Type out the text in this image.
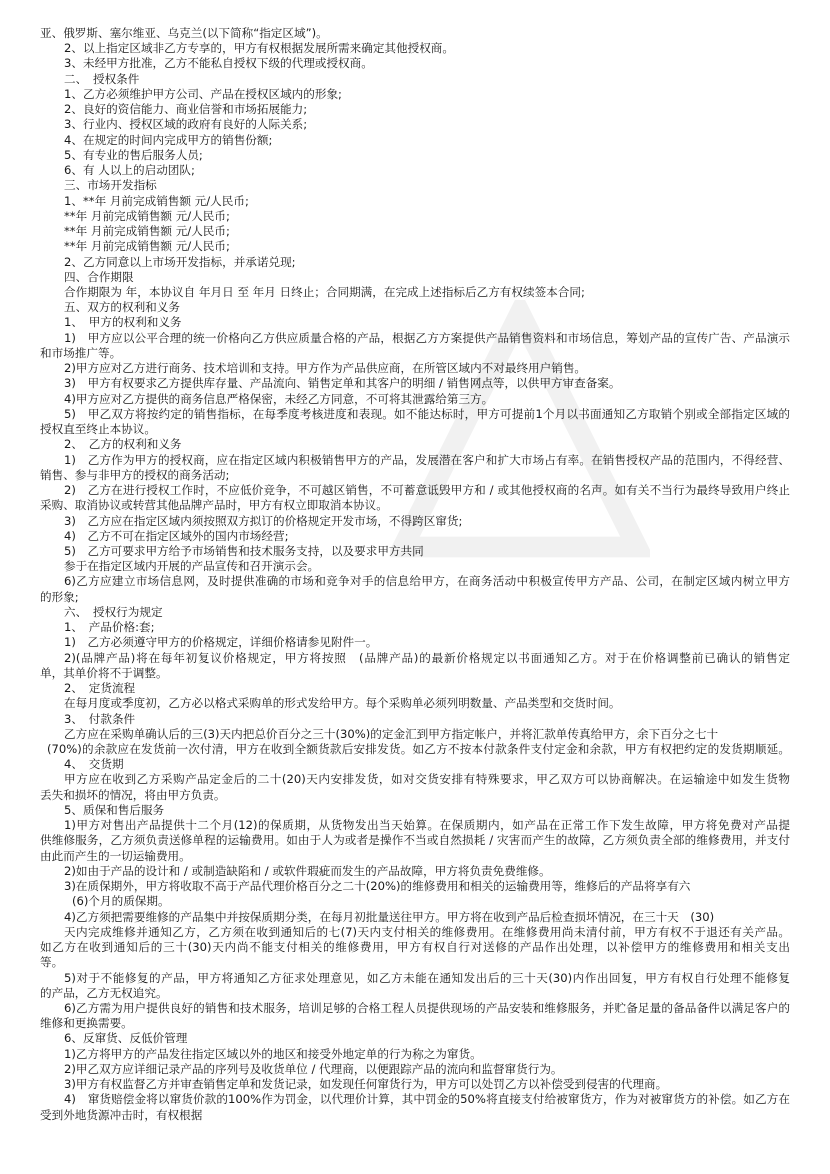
亚、俄罗斯、塞尔维亚、乌克兰(以下简称“指定区域”)。
2、以上指定区域非乙方专享的，甲方有权根据发展所需来确定其他授权商。
3、未经甲方批准，乙方不能私自授权下级的代理或授权商。
二、　授权条件
1、乙方必须维护甲方公司、产品在授权区域内的形象;
2、良好的资信能力、商业信誉和市场拓展能力;
3、行业内、授权区域的政府有良好的人际关系;
4、在规定的时间内完成甲方的销售份额;
5、有专业的售后服务人员;
6、有 人以上的启动团队;
三、市场开发指标
1、**年 月前完成销售额 元/人民币;
**年 月前完成销售额 元/人民币;
**年 月前完成销售额 元/人民币;
**年 月前完成销售额 元/人民币;
2、乙方同意以上市场开发指标，并承诺兑现;
四、合作期限
合作期限为 年，本协议自 年月日 至 年月 日终止；合同期满，在完成上述指标后乙方有权续签本合同;
五、双方的权利和义务
1、　甲方的权利和义务
1)　甲方应以公平合理的统一价格向乙方供应质量合格的产品，根据乙方方案提供产品销售资料和市场信息，筹划产品的宣传广告、产品演示
和市场推广等。
2)甲方应对乙方进行商务、技术培训和支持。甲方作为产品供应商，在所管区域内不对最终用户销售。
3)　甲方有权要求乙方提供库存量、产品流向、销售定单和其客户的明细 / 销售网点等，以供甲方审查备案。
4)甲方应对乙方提供的商务信息严格保密，未经乙方同意，不可将其泄露给第三方。
5)　甲乙双方将按约定的销售指标，在每季度考核进度和表现。如不能达标时，甲方可提前1个月以书面通知乙方取销个别或全部指定区域的
授权直至终止本协议。
2、　乙方的权利和义务
1)　乙方作为甲方的授权商，应在指定区域内积极销售甲方的产品，发展潜在客户和扩大市场占有率。在销售授权产品的范围内，不得经营、
销售、参与非甲方的授权的商务活动;
2)　乙方在进行授权工作时，不应低价竞争，不可越区销售，不可蓄意诋毁甲方和 / 或其他授权商的名声。如有关不当行为最终导致用户终止
采购、取消协议或转营其他品牌产品时，甲方有权立即取消本协议。
3)　乙方应在指定区域内须按照双方拟订的价格规定开发市场，不得跨区窜货;
4)　乙方不可在指定区域外的国内市场经营;
5)　乙方可要求甲方给予市场销售和技术服务支持，以及要求甲方共同
参于在指定区域内开展的产品宣传和召开演示会。
6)乙方应建立市场信息网，及时提供准确的市场和竞争对手的信息给甲方，在商务活动中积极宣传甲方产品、公司，在制定区域内树立甲方
的形象;
六、　授权行为规定
1、　产品价格:套;
1)　乙方必须遵守甲方的价格规定，详细价格请参见附件一。
2)(品牌产品)将在每年初复议价格规定，甲方将按照　(品牌产品)的最新价格规定以书面通知乙方。对于在价格调整前已确认的销售定
单，其单价将不于调整。
2、　定货流程
在每月度或季度初，乙方必以格式采购单的形式发给甲方。每个采购单必须列明数量、产品类型和交货时间。
3、　付款条件
乙方应在采购单确认后的三(3)天内把总价百分之三十(30%)的定金汇到甲方指定帐户，并将汇款单传真给甲方，余下百分之七十
(70%)的余款应在发货前一次付清，甲方在收到全额货款后安排发货。如乙方不按本付款条件支付定金和余款，甲方有权把约定的发货期顺延。
4、　交货期
甲方应在收到乙方采购产品定金后的二十(20)天内安排发货，如对交货安排有特殊要求，甲乙双方可以协商解决。在运输途中如发生货物
丢失和损坏的情况，将由甲方负责。
5、质保和售后服务
1)甲方对售出产品提供十二个月(12)的保质期，从货物发出当天始算。在保质期内，如产品在正常工作下发生故障，甲方将免费对产品提
供维修服务，乙方须负责送修单程的运输费用。如由于人为或者是操作不当或自然损耗 / 灾害而产生的故障，乙方须负责全部的维修费用，并支付
由此而产生的一切运输费用。
2)如由于产品的设计和 / 或制造缺陷和 / 或软件瑕疵而发生的产品故障，甲方将负责免费维修。
3)在质保期外，甲方将收取不高于产品代理价格百分之二十(20%)的维修费用和相关的运输费用等，维修后的产品将享有六
(6)个月的质保期。
4)乙方须把需要维修的产品集中并按保质期分类，在每月初批量送往甲方。甲方将在收到产品后检查损坏情况，在三十天　(30)
天内完成维修并通知乙方，乙方须在收到通知后的七(7)天内支付相关的维修费用。在维修费用尚未清付前，甲方有权不于退还有关产品。
如乙方在收到通知后的三十(30)天内尚不能支付相关的维修费用，甲方有权自行对送修的产品作出处理，以补偿甲方的维修费用和相关支出
等。
5)对于不能修复的产品，甲方将通知乙方征求处理意见，如乙方未能在通知发出后的三十天(30)内作出回复，甲方有权自行处理不能修复
的产品，乙方无权追究。
6)乙方需为用户提供良好的销售和技术服务，培训足够的合格工程人员提供现场的产品安装和维修服务，并贮备足量的备品备件以满足客户的
维修和更换需要。
6、反窜货、反低价管理
1)乙方将甲方的产品发往指定区域以外的地区和接受外地定单的行为称之为窜货。
2)甲乙双方应详细记录产品的序列号及收货单位 / 代理商，以便跟踪产品的流向和监督窜货行为。
3)甲方有权监督乙方并审查销售定单和发货记录，如发现任何窜货行为，甲方可以处罚乙方以补偿受到侵害的代理商。
4)　窜货赔偿金将以窜货价款的100%作为罚金，以代理价计算，其中罚金的50%将直接支付给被窜货方，作为对被窜货方的补偿。如乙方在
受到外地货源冲击时，有权根据
